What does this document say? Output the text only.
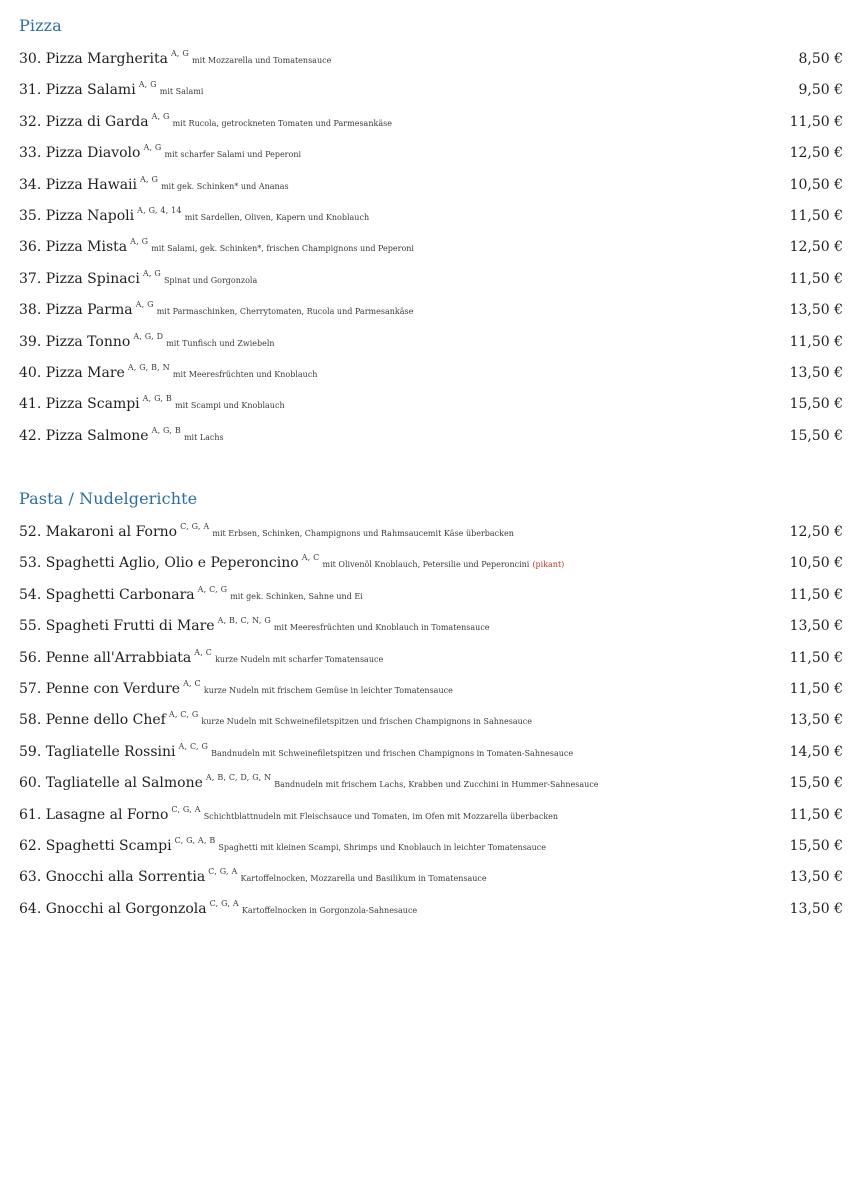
Pizza
Pasta / Nudelgerichte
30. Pizza Margherita $^{A, G}$mit Mozzarella und Tomatensauce	8,50 €
31. Pizza Salami $^{A, G}$mit Salami	9,50 €
32. Pizza di Garda $^{A, G}$mit Rucola, getrockneten Tomaten und Parmesankäse	11,50 €
33. Pizza Diavolo $^{A, G}$mit scharfer Salami und Peperoni	12,50 €
34. Pizza Hawaii $^{A, G}$mit gek. Schinken* und Ananas	10,50 €
35. Pizza Napoli $^{A, G, 4, 14}$mit Sardellen, Oliven, Kapern und Knoblauch	11,50 €
36. Pizza Mista $^{A, G}$mit Salami, gek. Schinken*, frischen Champignons und Peperoni	12,50 €
37. Pizza Spinaci $^{A, G}$Spinat und Gorgonzola	11,50 €
38. Pizza Parma $^{A, G}$mit Parmaschinken, Cherrytomaten, Rucola und Parmesankäse	13,50 €
39. Pizza Tonno $^{A, G, D}$mit Tunfisch und Zwiebeln	11,50 €
40. Pizza Mare $^{A, G, B, N}$mit Meeresfrüchten und Knoblauch	13,50 €
41. Pizza Scampi $^{A, G, B}$mit Scampi und Knoblauch	15,50 €
42. Pizza Salmone $^{A, G, B}$mit Lachs	15,50 €
52. Makaroni al Forno $^{C, G, A}$mit Erbsen, Schinken, Champignons und Rahmsaucemit Käse überbacken	12,50 €
53. Spaghetti Aglio, Olio e Peperoncino $^{A, C}$mit Olivenöl Knoblauch, Petersilie und Peperoncini (pikant)	10,50 €
54. Spaghetti Carbonara $^{A, C, G}$mit gek. Schinken, Sahne und Ei	11,50 €
55. Spagheti Frutti di Mare $^{A, B, C, N, G}$mit Meeresfrüchten und Knoblauch in Tomatensauce	13,50 €
56. Penne all'Arrabbiata $^{A, C}$kurze Nudeln mit scharfer Tomatensauce	11,50 €
57. Penne con Verdure $^{A, C}$kurze Nudeln mit frischem Gemüse in leichter Tomatensauce	11,50 €
58. Penne dello Chef $^{A, C, G}$kurze Nudeln mit Schweinefiletspitzen und frischen Champignons in Sahnesauce	13,50 €
59. Tagliatelle Rossini $^{A, C, G}$Bandnudeln mit Schweinefiletspitzen und frischen Champignons in Tomaten-Sahnesauce	14,50 €
60. Tagliatelle al Salmone $^{A, B, C, D, G, N}$Bandnudeln mit frischem Lachs, Krabben und Zucchini in Hummer-Sahnesauce	15,50 €
61. Lasagne al Forno $^{C, G, A}$Schichtblattnudeln mit Fleischsauce und Tomaten, im Ofen mit Mozzarella überbacken	11,50 €
62. Spaghetti Scampi $^{C, G, A, B}$Spaghetti mit kleinen Scampi, Shrimps und Knoblauch in leichter Tomatensauce	15,50 €
63. Gnocchi alla Sorrentia $^{C, G, A}$Kartoffelnocken, Mozzarella und Basilikum in Tomatensauce	13,50 €
64. Gnocchi al Gorgonzola $^{C, G, A}$Kartoffelnocken in Gorgonzola-Sahnesauce	13,50 €
